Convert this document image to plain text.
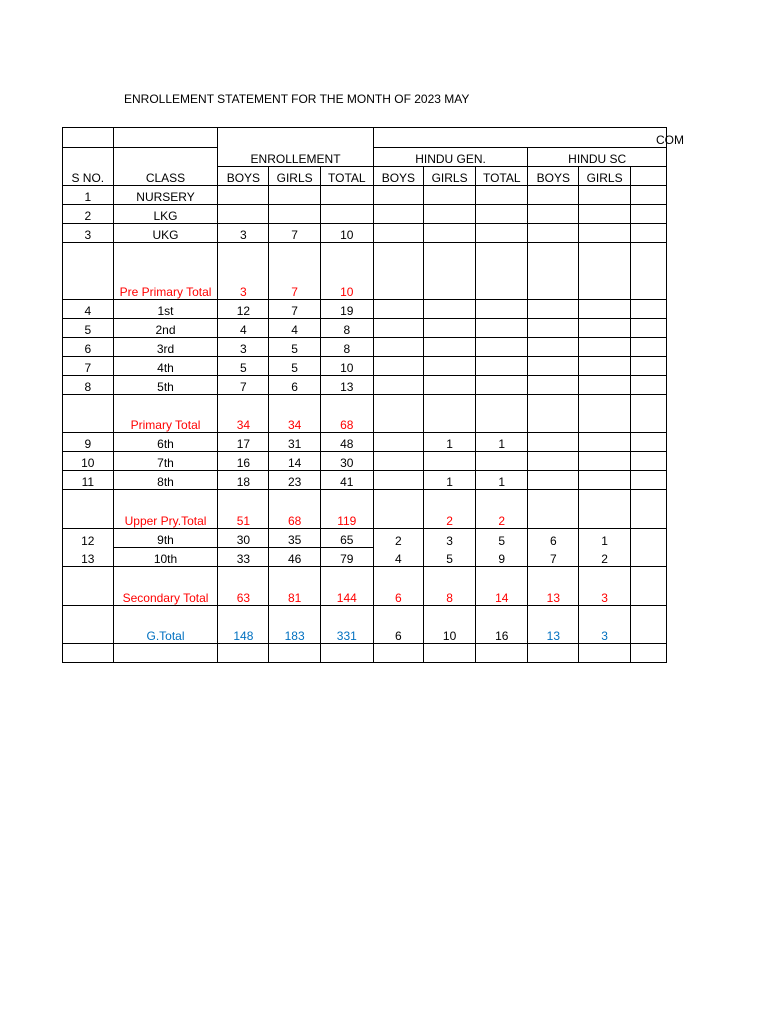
ENROLLEMENT STATEMENT FOR THE MONTH OF 2023 MAY
					COM					
		ENROLLEMENT			HINDU GEN.			HINDU SC		
S NO.	CLASS	BOYS	GIRLS	TOTAL	BOYS	GIRLS	TOTAL	BOYS	GIRLS	
1	NURSERY									
2	LKG									
3	UKG	3	7	10						
	Pre Primary Total	3	7	10						
4	1st	12	7	19						
5	2nd	4	4	8						
6	3rd	3	5	8						
7	4th	5	5	10						
8	5th	7	6	13						
	Primary Total	34	34	68						
9	6th	17	31	48		1	1			
10	7th	16	14	30						
11	8th	18	23	41		1	1			
	Upper Pry.Total	51	68	119		2	2			
12	9th	30	35	65	2	3	5	6	1	
13	10th	33	46	79	4	5	9	7	2	
	Secondary Total	63	81	144	6	8	14	13	3	
	G.Total	148	183	331	6	10	16	13	3	
